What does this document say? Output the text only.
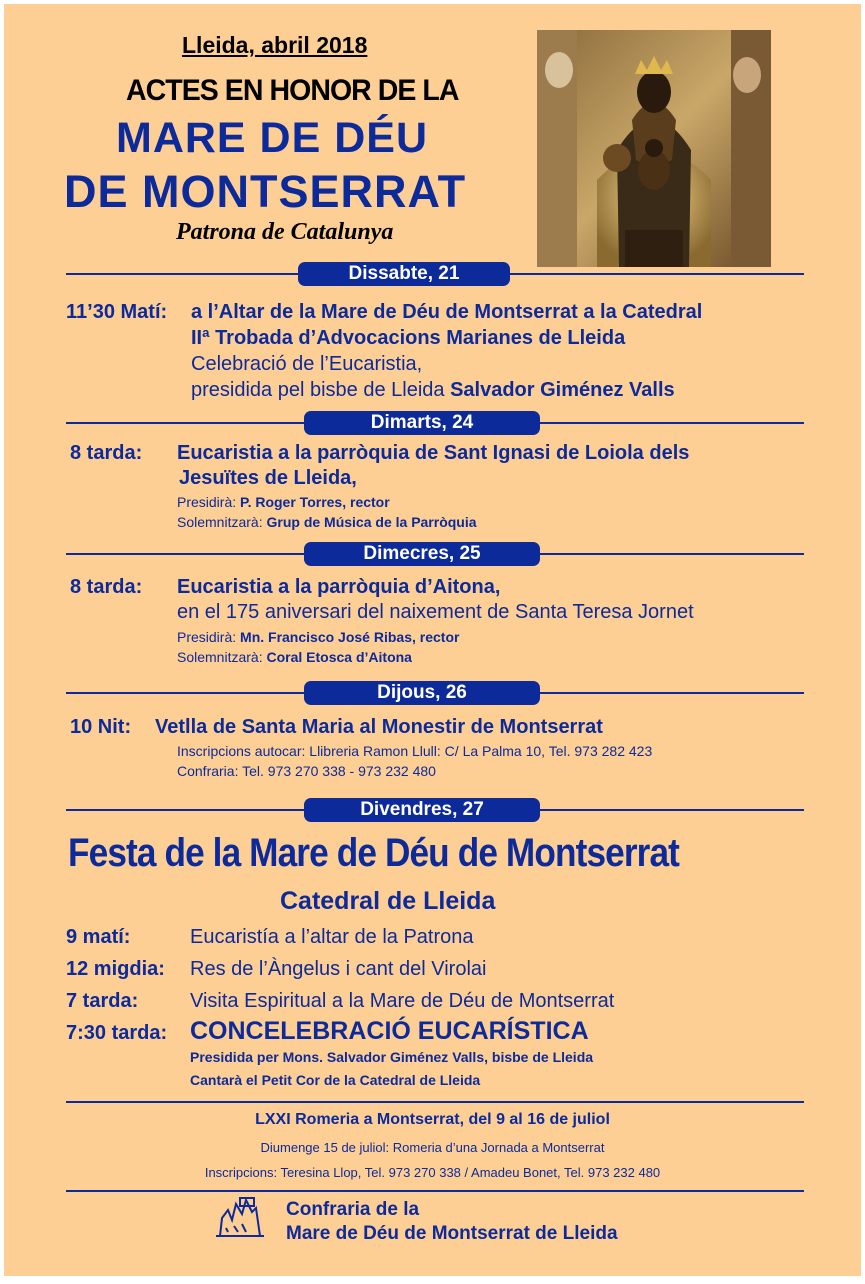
Lleida, abril 2018
ACTES EN HONOR DE LA
MARE DE DÉU
DE MONTSERRAT
Patrona de Catalunya
Dissabte, 21
11’30 Matí: a l’Altar de la Mare de Déu de Montserrat a la Catedral
IIª Trobada d’Advocacions Marianes de Lleida
Celebració de l’Eucaristia,
presidida pel bisbe de Lleida Salvador Giménez Valls
Dimarts, 24
8 tarda: Eucaristia a la parròquia de Sant Ignasi de Loiola dels
Jesuïtes de Lleida,
Presidirà: P. Roger Torres, rector
Solemnitzarà: Grup de Música de la Parròquia
Dimecres, 25
8 tarda: Eucaristia a la parròquia d’Aitona,
en el 175 aniversari del naixement de Santa Teresa Jornet
Presidirà: Mn. Francisco José Ribas, rector
Solemnitzarà: Coral Etosca d’Aitona
Dijous, 26
10 Nit: Vetlla de Santa Maria al Monestir de Montserrat
Inscripcions autocar: Llibreria Ramon Llull: C/ La Palma 10, Tel. 973 282 423
Confraria: Tel. 973 270 338 - 973 232 480
Divendres, 27
Festa de la Mare de Déu de Montserrat
Catedral de Lleida
9 matí:	Eucaristía a l’altar de la Patrona
12 migdia: Res de l’Àngelus i cant del Virolai
7 tarda:	Visita Espiritual a la Mare de Déu de Montserrat
7:30 tarda: CONCELEBRACIÓ EUCARÍSTICA
Presidida per Mons. Salvador Giménez Valls, bisbe de Lleida
Cantarà el Petit Cor de la Catedral de Lleida
LXXI Romeria a Montserrat, del 9 al 16 de juliol
Diumenge 15 de juliol: Romeria d’una Jornada a Montserrat
Inscripcions: Teresina Llop, Tel. 973 270 338 / Amadeu Bonet, Tel. 973 232 480
Confraria de la
Mare de Déu de Montserrat de Lleida
